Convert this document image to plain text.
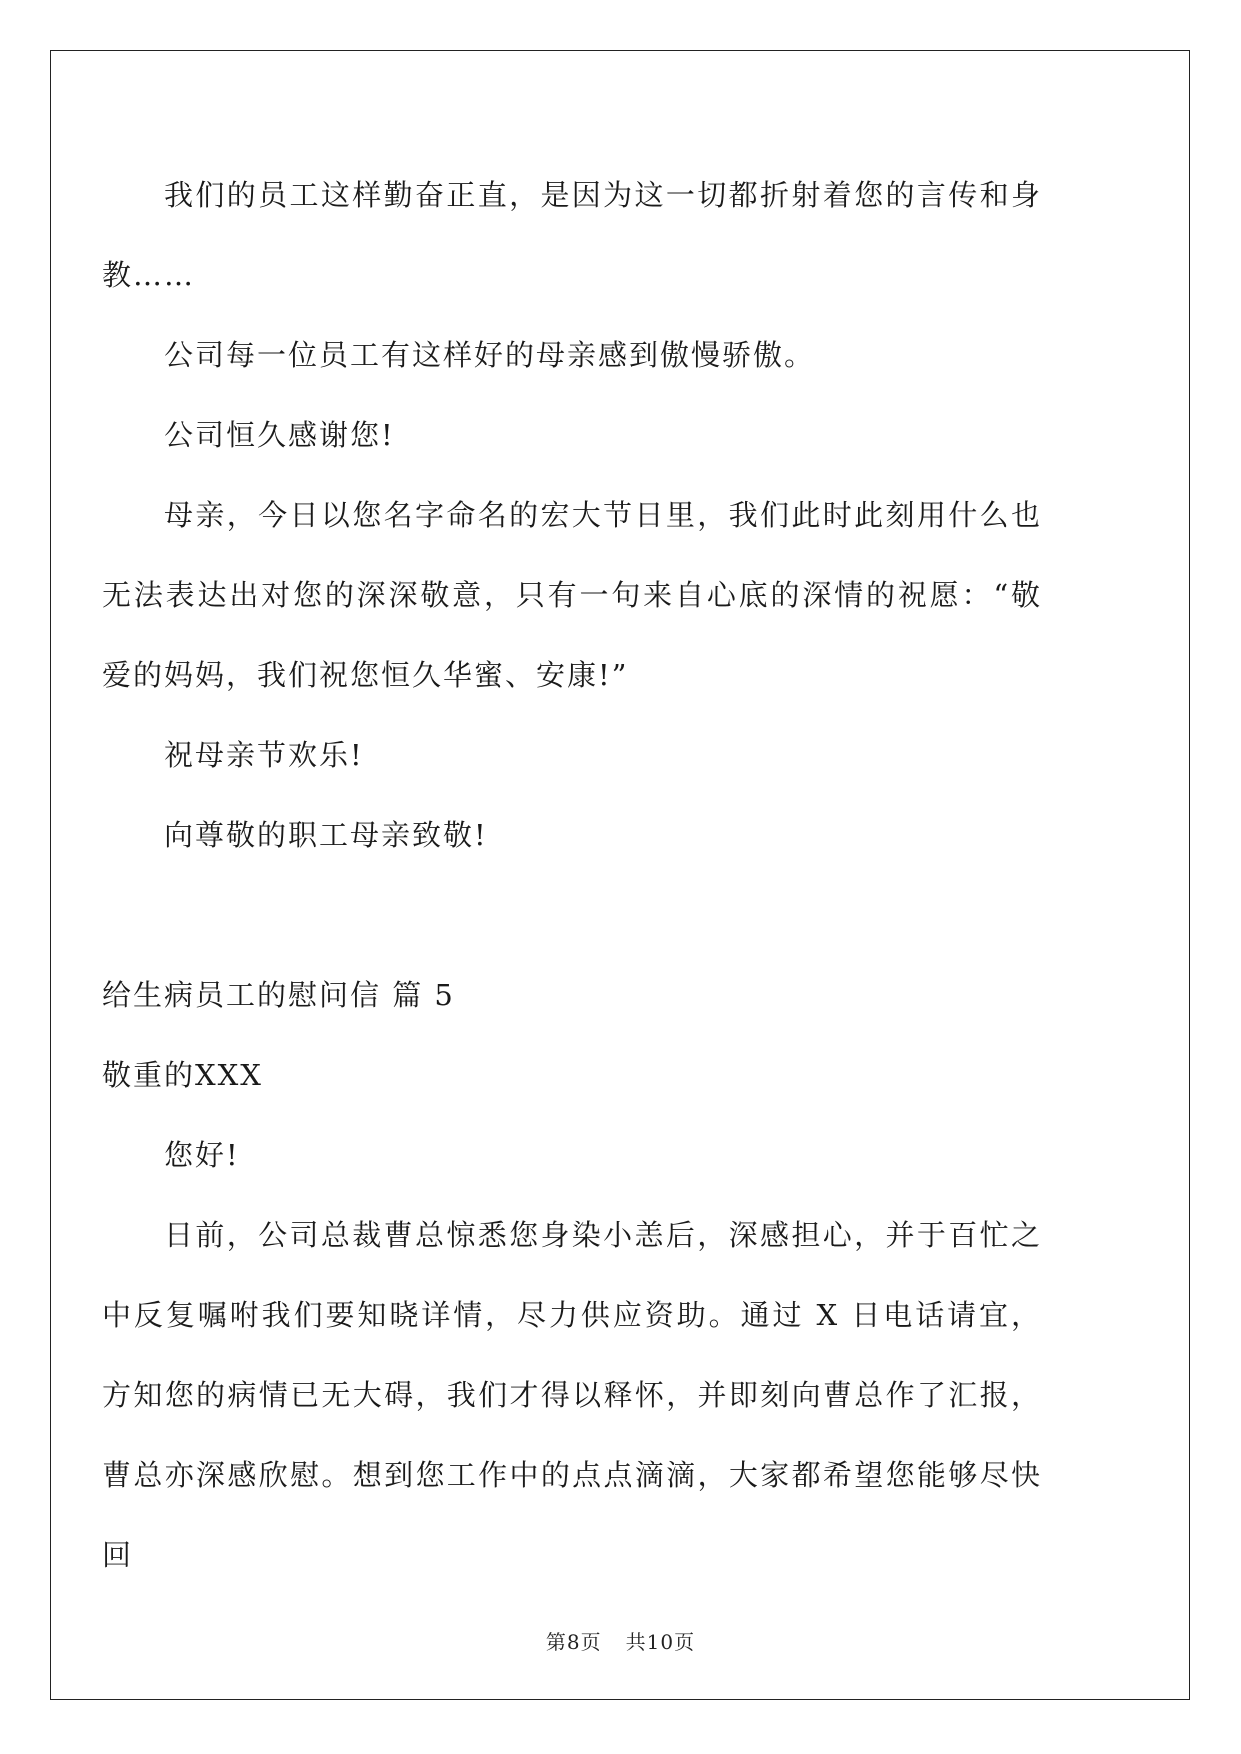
我们的员工这样勤奋正直，是因为这一切都折射着您的言传和身教……

公司每一位员工有这样好的母亲感到傲慢骄傲。

公司恒久感谢您!

母亲，今日以您名字命名的宏大节日里，我们此时此刻用什么也无法表达出对您的深深敬意，只有一句来自心底的深情的祝愿：“敬爱的妈妈，我们祝您恒久华蜜、安康!”

祝母亲节欢乐!

向尊敬的职工母亲致敬!

给生病员工的慰问信 篇 5

敬重的XXX

您好!

日前，公司总裁曹总惊悉您身染小恙后，深感担心，并于百忙之中反复嘱咐我们要知晓详情，尽力供应资助。通过 X 日电话请宜，方知您的病情已无大碍，我们才得以释怀，并即刻向曹总作了汇报，曹总亦深感欣慰。想到您工作中的点点滴滴，大家都希望您能够尽快回

第8页 共10页
